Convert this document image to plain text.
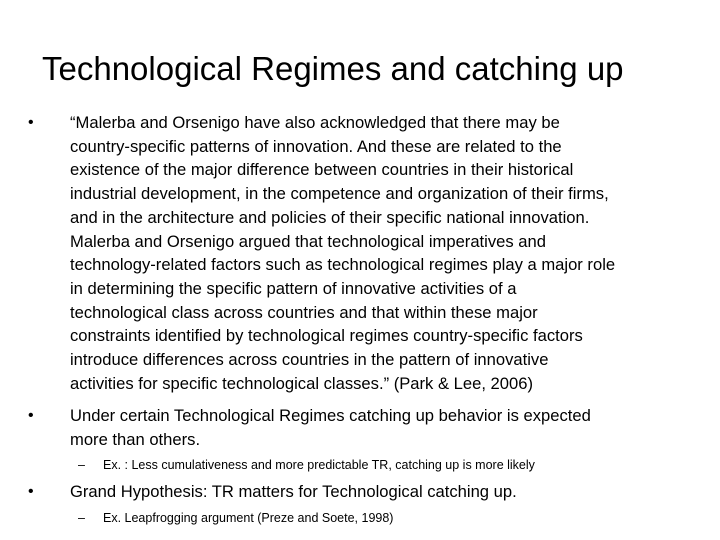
Technological Regimes and catching up
• “Malerba and Orsenigo have also acknowledged that there may be
country-specific patterns of innovation. And these are related to the
existence of the major difference between countries in their historical
industrial development, in the competence and organization of their firms,
and in the architecture and policies of their specific national innovation.
Malerba and Orsenigo argued that technological imperatives and
technology-related factors such as technological regimes play a major role
in determining the specific pattern of innovative activities of a
technological class across countries and that within these major
constraints identified by technological regimes country-specific factors
introduce differences across countries in the pattern of innovative
activities for specific technological classes.” (Park & Lee, 2006)
• Under certain Technological Regimes catching up behavior is expected
more than others.
– Ex. : Less cumulativeness and more predictable TR, catching up is more likely
• Grand Hypothesis: TR matters for Technological catching up.
– Ex. Leapfrogging argument (Preze and Soete, 1998)
